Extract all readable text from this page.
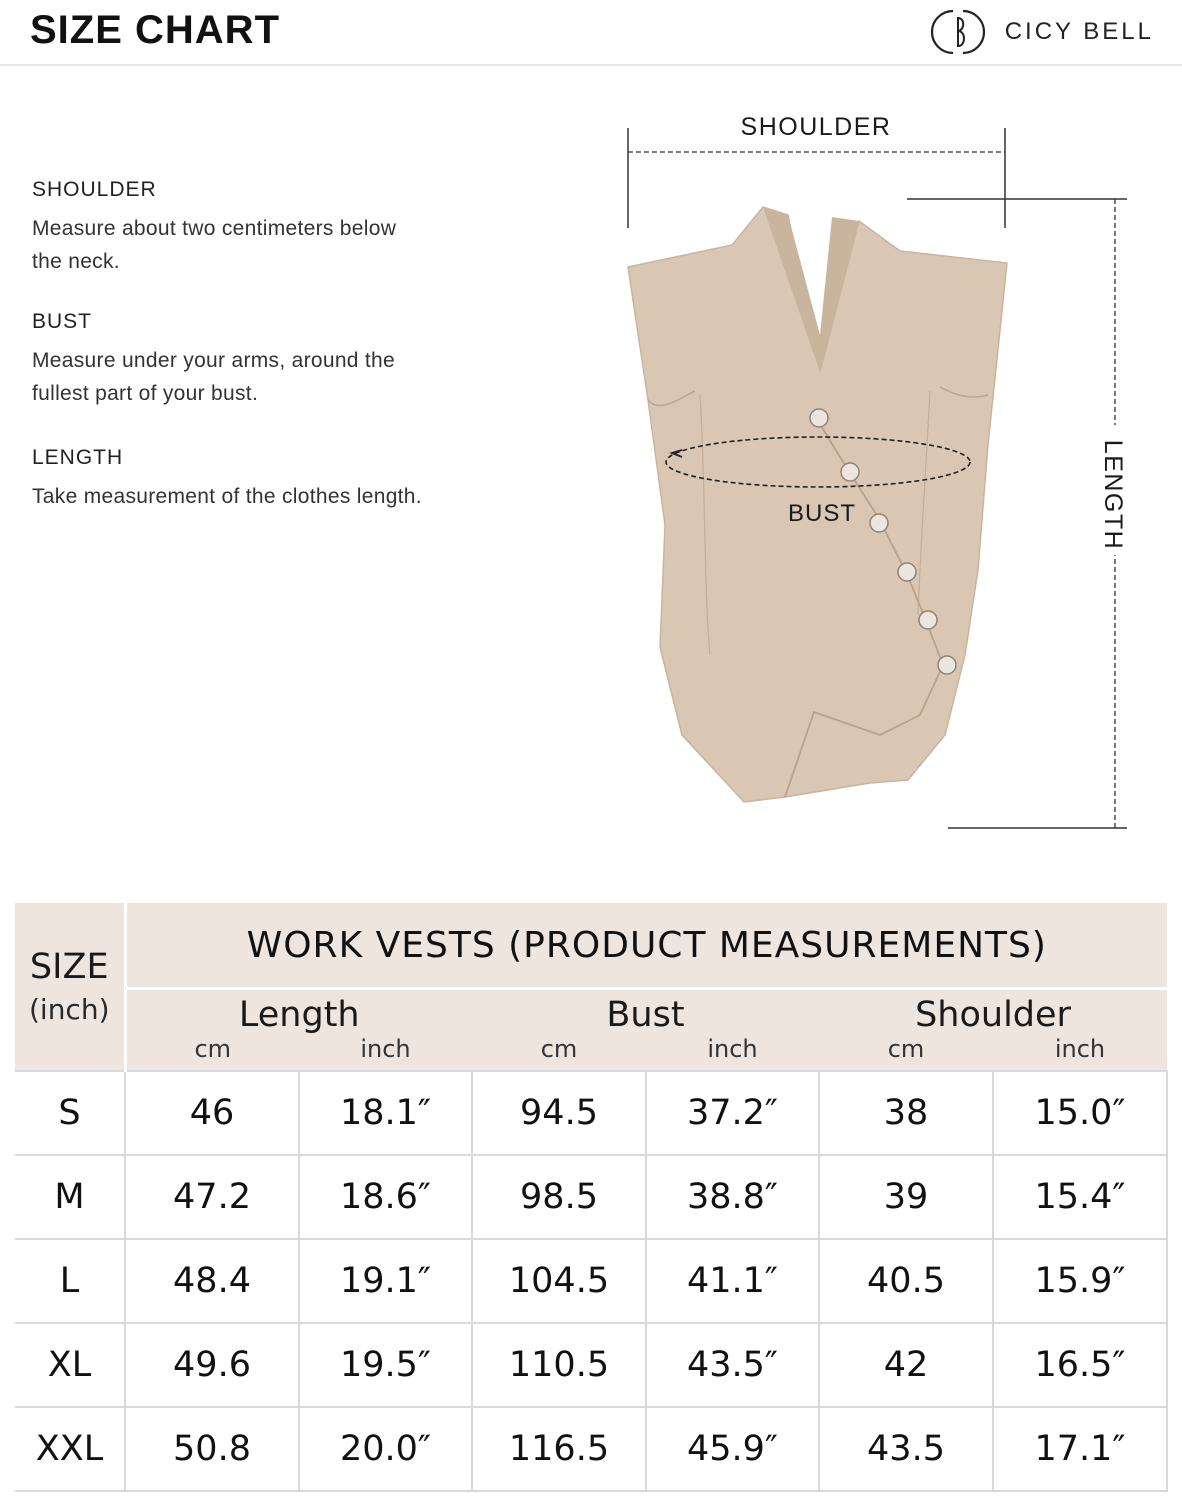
SIZE CHART	CICY BELL
SHOULDER
Measure about two centimeters below
the neck.
BUST
Measure under your arms, around the
fullest part of your bust.
LENGTH
Take measurement of the clothes length.
SHOULDER
LENGTH
BUST
SIZE
(inch)	WORK VESTS (PRODUCT MEASUREMENTS)					
	Length		Bust		Shoulder	
	cm	inch	cm	inch	cm	inch
S	46	18.1″	94.5	37.2″	38	15.0″
M	47.2	18.6″	98.5	38.8″	39	15.4″
L	48.4	19.1″	104.5	41.1″	40.5	15.9″
XL	49.6	19.5″	110.5	43.5″	42	16.5″
XXL	50.8	20.0″	116.5	45.9″	43.5	17.1″
